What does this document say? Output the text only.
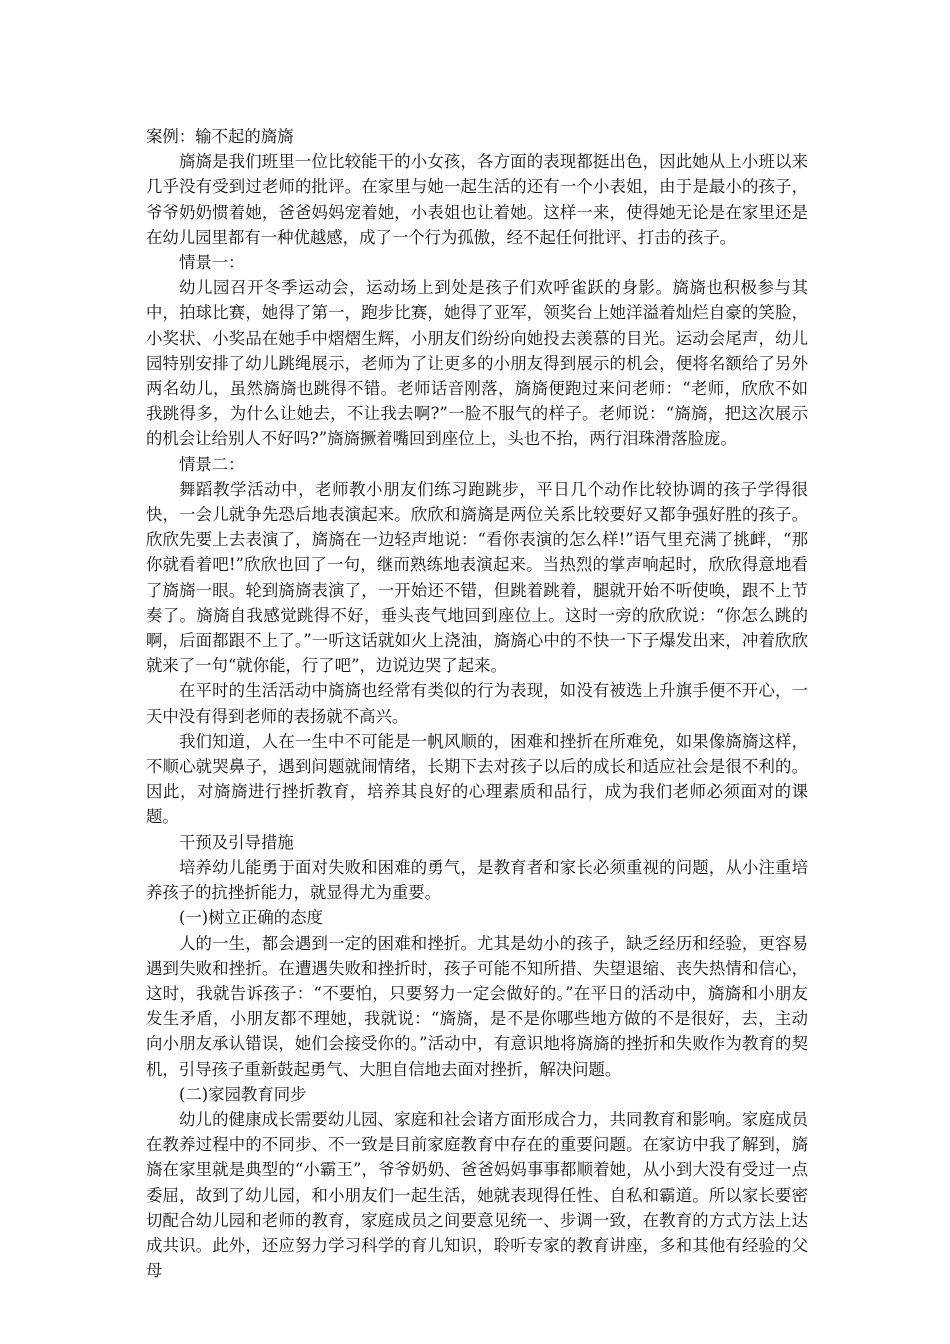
案例：输不起的旖旖

旖旖是我们班里一位比较能干的小女孩，各方面的表现都挺出色，因此她从上小班以来几乎没有受到过老师的批评。在家里与她一起生活的还有一个小表姐，由于是最小的孩子，爷爷奶奶惯着她，爸爸妈妈宠着她，小表姐也让着她。这样一来，使得她无论是在家里还是在幼儿园里都有一种优越感，成了一个行为孤傲，经不起任何批评、打击的孩子。

情景一：

幼儿园召开冬季运动会，运动场上到处是孩子们欢呼雀跃的身影。旖旖也积极参与其中，拍球比赛，她得了第一，跑步比赛，她得了亚军，领奖台上她洋溢着灿烂自豪的笑脸，小奖状、小奖品在她手中熠熠生辉，小朋友们纷纷向她投去羡慕的目光。运动会尾声，幼儿园特别安排了幼儿跳绳展示，老师为了让更多的小朋友得到展示的机会，便将名额给了另外两名幼儿，虽然旖旖也跳得不错。老师话音刚落，旖旖便跑过来问老师：“老师，欣欣不如我跳得多，为什么让她去，不让我去啊?”一脸不服气的样子。老师说：“旖旖，把这次展示的机会让给别人不好吗?”旖旖撅着嘴回到座位上，头也不抬，两行泪珠滑落脸庞。

情景二：

舞蹈教学活动中，老师教小朋友们练习跑跳步，平日几个动作比较协调的孩子学得很快，一会儿就争先恐后地表演起来。欣欣和旖旖是两位关系比较要好又都争强好胜的孩子。欣欣先要上去表演了，旖旖在一边轻声地说：“看你表演的怎么样!”语气里充满了挑衅，“那你就看着吧!”欣欣也回了一句，继而熟练地表演起来。当热烈的掌声响起时，欣欣得意地看了旖旖一眼。轮到旖旖表演了，一开始还不错，但跳着跳着，腿就开始不听使唤，跟不上节奏了。旖旖自我感觉跳得不好，垂头丧气地回到座位上。这时一旁的欣欣说：“你怎么跳的啊，后面都跟不上了。”一听这话就如火上浇油，旖旖心中的不快一下子爆发出来，冲着欣欣就来了一句“就你能，行了吧”，边说边哭了起来。

在平时的生活活动中旖旖也经常有类似的行为表现，如没有被选上升旗手便不开心，一天中没有得到老师的表扬就不高兴。

我们知道，人在一生中不可能是一帆风顺的，困难和挫折在所难免，如果像旖旖这样，不顺心就哭鼻子，遇到问题就闹情绪，长期下去对孩子以后的成长和适应社会是很不利的。因此，对旖旖进行挫折教育，培养其良好的心理素质和品行，成为我们老师必须面对的课题。

干预及引导措施

培养幼儿能勇于面对失败和困难的勇气，是教育者和家长必须重视的问题，从小注重培养孩子的抗挫折能力，就显得尤为重要。

(一)树立正确的态度

人的一生，都会遇到一定的困难和挫折。尤其是幼小的孩子，缺乏经历和经验，更容易遇到失败和挫折。在遭遇失败和挫折时，孩子可能不知所措、失望退缩、丧失热情和信心，这时，我就告诉孩子：“不要怕，只要努力一定会做好的。”在平日的活动中，旖旖和小朋友发生矛盾，小朋友都不理她，我就说：“旖旖，是不是你哪些地方做的不是很好，去，主动向小朋友承认错误，她们会接受你的。”活动中，有意识地将旖旖的挫折和失败作为教育的契机，引导孩子重新鼓起勇气、大胆自信地去面对挫折，解决问题。

(二)家园教育同步

幼儿的健康成长需要幼儿园、家庭和社会诸方面形成合力，共同教育和影响。家庭成员在教养过程中的不同步、不一致是目前家庭教育中存在的重要问题。在家访中我了解到，旖旖在家里就是典型的“小霸王”，爷爷奶奶、爸爸妈妈事事都顺着她，从小到大没有受过一点委屈，故到了幼儿园，和小朋友们一起生活，她就表现得任性、自私和霸道。所以家长要密切配合幼儿园和老师的教育，家庭成员之间要意见统一、步调一致，在教育的方式方法上达成共识。此外，还应努力学习科学的育儿知识，聆听专家的教育讲座，多和其他有经验的父母
